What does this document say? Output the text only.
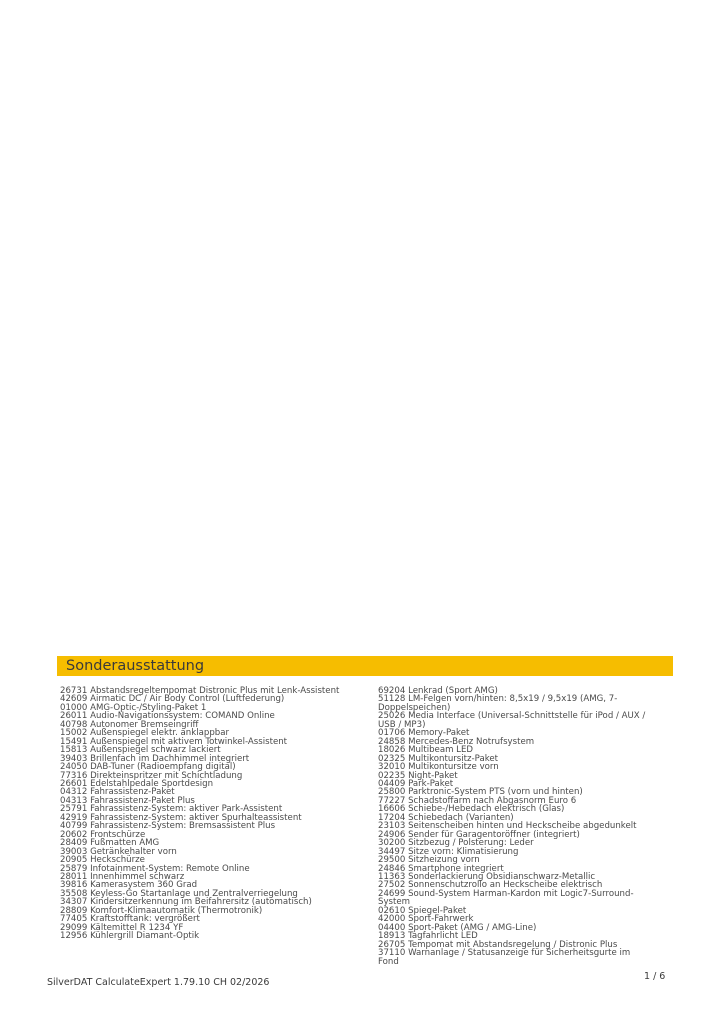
Sonderausstattung
26731 Abstandsregeltempomat Distronic Plus mit Lenk-Assistent
42609 Airmatic DC / Air Body Control (Luftfederung)
01000 AMG-Optic-/Styling-Paket 1
26011 Audio-Navigationssystem: COMAND Online
40798 Autonomer Bremseingriff
15002 Außenspiegel elektr. anklappbar
15491 Außenspiegel mit aktivem Totwinkel-Assistent
15813 Außenspiegel schwarz lackiert
39403 Brillenfach im Dachhimmel integriert
24050 DAB-Tuner (Radioempfang digital)
77316 Direkteinspritzer mit Schichtladung
26601 Edelstahlpedale Sportdesign
04312 Fahrassistenz-Paket
04313 Fahrassistenz-Paket Plus
25791 Fahrassistenz-System: aktiver Park-Assistent
42919 Fahrassistenz-System: aktiver Spurhalteassistent
40799 Fahrassistenz-System: Bremsassistent Plus
20602 Frontschürze
28409 Fußmatten AMG
39003 Getränkehalter vorn
20905 Heckschürze
25879 Infotainment-System: Remote Online
28011 Innenhimmel schwarz
39816 Kamerasystem 360 Grad
35508 Keyless-Go Startanlage und Zentralverriegelung
34307 Kindersitzerkennung im Beifahrersitz (automatisch)
28809 Komfort-Klimaautomatik (Thermotronik)
77405 Kraftstofftank: vergrößert
29099 Kältemittel R 1234 YF
12956 Kühlergrill Diamant-Optik
69204 Lenkrad (Sport AMG)
51128 LM-Felgen vorn/hinten: 8,5x19 / 9,5x19 (AMG, 7-Doppelspeichen)
25026 Media Interface (Universal-Schnittstelle für iPod / AUX / USB / MP3)
01706 Memory-Paket
24858 Mercedes-Benz Notrufsystem
18026 Multibeam LED
02325 Multikontursitz-Paket
32010 Multikontursitze vorn
02235 Night-Paket
04409 Park-Paket
25800 Parktronic-System PTS (vorn und hinten)
77227 Schadstoffarm nach Abgasnorm Euro 6
16606 Schiebe-/Hebedach elektrisch (Glas)
17204 Schiebedach (Varianten)
23103 Seitenscheiben hinten und Heckscheibe abgedunkelt
24906 Sender für Garagentoröffner (integriert)
30200 Sitzbezug / Polsterung: Leder
34497 Sitze vorn: Klimatisierung
29500 Sitzheizung vorn
24846 Smartphone integriert
11363 Sonderlackierung Obsidianschwarz-Metallic
27502 Sonnenschutzrollo an Heckscheibe elektrisch
24699 Sound-System Harman-Kardon mit Logic7-Surround-System
02610 Spiegel-Paket
42000 Sport-Fahrwerk
04400 Sport-Paket (AMG / AMG-Line)
18913 Tagfahrlicht LED
26705 Tempomat mit Abstandsregelung / Distronic Plus
37110 Warnanlage / Statusanzeige für Sicherheitsgurte im Fond
SilverDAT CalculateExpert 1.79.10 CH 02/2026
1 / 6
